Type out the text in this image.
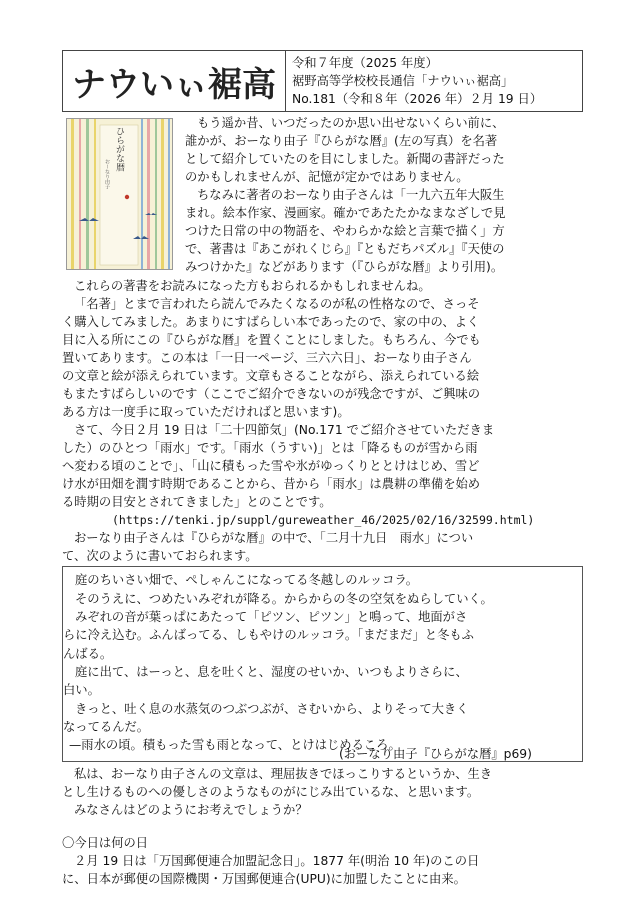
ナウいぃ裾高
令和７年度（2025 年度）
裾野高等学校校長通信「ナウいぃ裾高」
No.181（令和８年（2026 年）２月 19 日）
ひらがな暦
おーなり由子
もう遥か昔、いつだったのか思い出せないくらい前に、
誰かが、おーなり由子『ひらがな暦』(左の写真）を名著
として紹介していたのを目にしました。新聞の書評だった
のかもしれませんが、記憶が定かではありません。
ちなみに著者のおーなり由子さんは「一九六五年大阪生
まれ。絵本作家、漫画家。確かであたたかなまなざしで見
つけた日常の中の物語を、やわらかな絵と言葉で描く」方
で、著書は『あこがれくじら』『ともだちパズル』『天使の
みつけかた』などがあります（『ひらがな暦』より引用)。
これらの著書をお読みになった方もおられるかもしれませんね。
「名著」とまで言われたら読んでみたくなるのが私の性格なので、さっそ
く購入してみました。あまりにすばらしい本であったので、家の中の、よく
目に入る所にこの『ひらがな暦』を置くことにしました。もちろん、今でも
置いてあります。この本は「一日一ページ、三六六日」、おーなり由子さん
の文章と絵が添えられています。文章もさることながら、添えられている絵
もまたすばらしいのです（ここでご紹介できないのが残念ですが、ご興味の
ある方は一度手に取っていただければと思います)。
さて、今日２月 19 日は「二十四節気」(No.171 でご紹介させていただきま
した）のひとつ「雨水」です。「雨水（うすい)」とは「降るものが雪から雨
へ変わる頃のことで」、「山に積もった雪や氷がゆっくりととけはじめ、雪ど
け水が田畑を潤す時期であることから、昔から「雨水」は農耕の準備を始め
る時期の目安とされてきました」とのことです。
(https://tenki.jp/suppl/gureweather_46/2025/02/16/32599.html)
おーなり由子さんは『ひらがな暦』の中で、「二月十九日　雨水」につい
て、次のように書いておられます。
庭のちいさい畑で、ぺしゃんこになってる冬越しのルッコラ。
そのうえに、つめたいみぞれが降る。からからの冬の空気をぬらしていく。
みぞれの音が葉っぱにあたって「ピツン、ピツン」と鳴って、地面がさ
らに冷え込む。ふんばってる、しもやけのルッコラ。「まだまだ」と冬もふ
んばる。
庭に出て、はーっと、息を吐くと、湿度のせいか、いつもよりさらに、
白い。
きっと、吐く息の水蒸気のつぶつぶが、さむいから、よりそって大きく
なってるんだ。
—雨水の頃。積もった雪も雨となって、とけはじめるころ。
(おーなり由子『ひらがな暦』p69)
私は、おーなり由子さんの文章は、理屈抜きでほっこりするというか、生き
とし生けるものへの優しさのようなものがにじみ出ているな、と思います。
みなさんはどのようにお考えでしょうか？
〇今日は何の日
２月 19 日は「万国郵便連合加盟記念日」。1877 年(明治 10 年)のこの日
に、日本が郵便の国際機関・万国郵便連合(UPU)に加盟したことに由来。
